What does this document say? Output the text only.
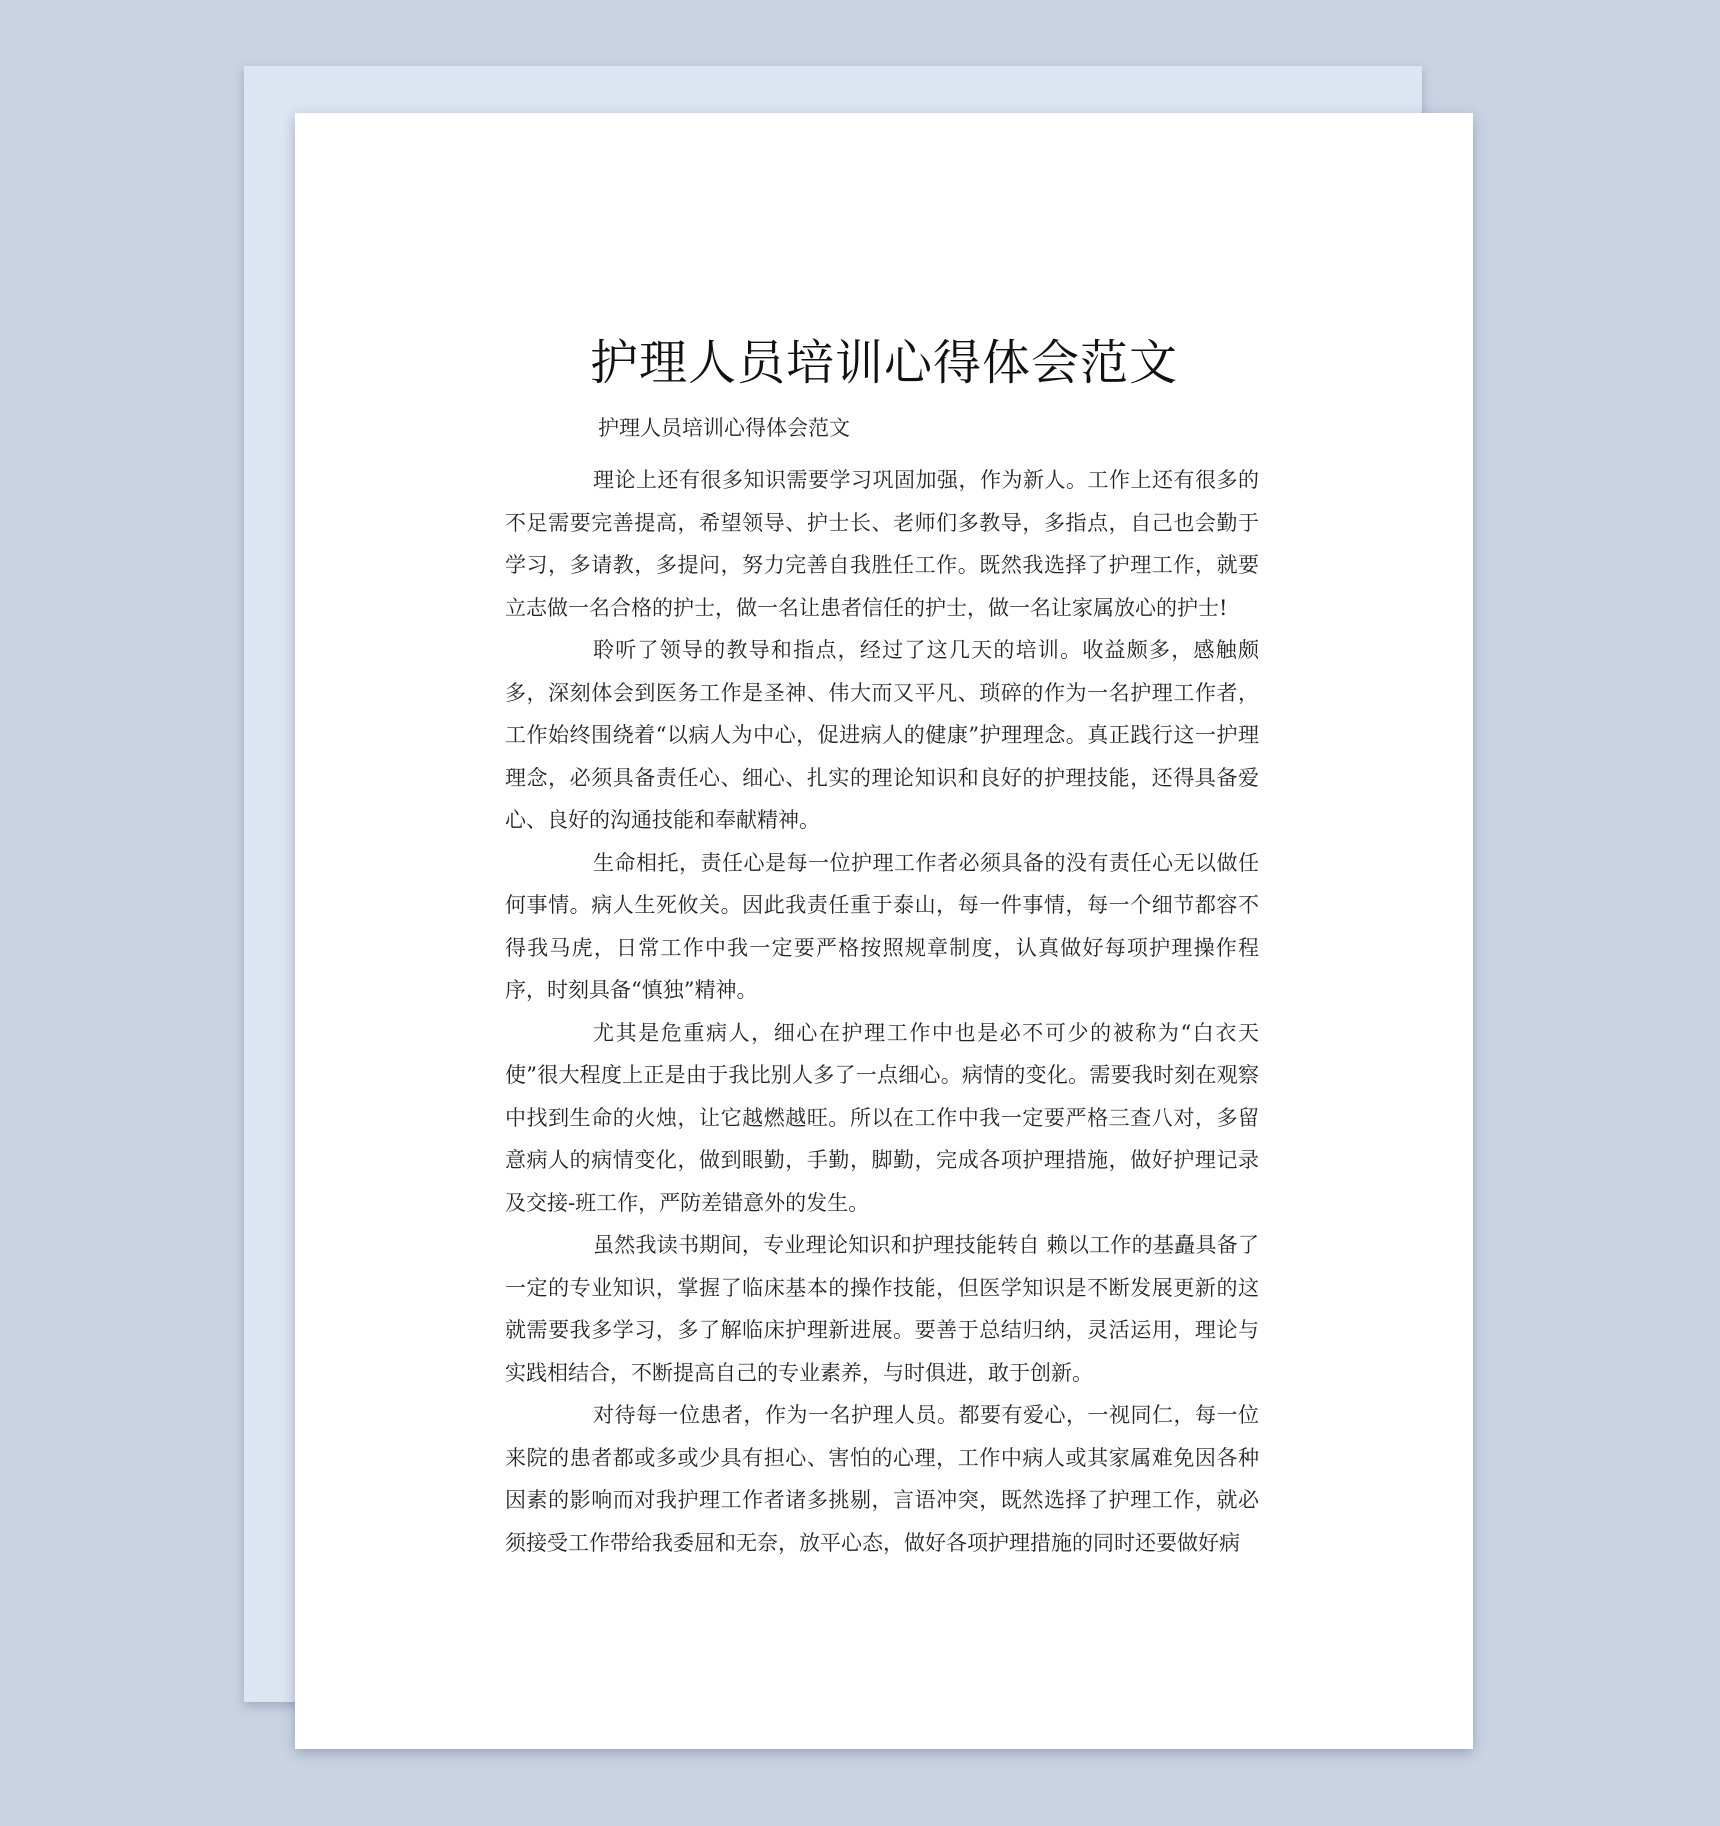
护理人员培训心得体会范文

护理人员培训心得体会范文

理论上还有很多知识需要学习巩固加强，作为新人。工作上还有很多的不足需要完善提高，希望领导、护士长、老师们多教导，多指点，自己也会勤于学习，多请教，多提问，努力完善自我胜任工作。既然我选择了护理工作，就要立志做一名合格的护士，做一名让患者信任的护士，做一名让家属放心的护士!

聆听了领导的教导和指点，经过了这几天的培训。收益颇多，感触颇多，深刻体会到医务工作是圣神、伟大而又平凡、琐碎的作为一名护理工作者，工作始终围绕着“以病人为中心，促进病人的健康”护理理念。真正践行这一护理理念，必须具备责任心、细心、扎实的理论知识和良好的护理技能，还得具备爱心、良好的沟通技能和奉献精神。

生命相托，责任心是每一位护理工作者必须具备的没有责任心无以做任何事情。病人生死攸关。因此我责任重于泰山，每一件事情，每一个细节都容不得我马虎，日常工作中我一定要严格按照规章制度，认真做好每项护理操作程序，时刻具备“慎独”精神。

尤其是危重病人，细心在护理工作中也是必不可少的被称为“白衣天使”很大程度上正是由于我比别人多了一点细心。病情的变化。需要我时刻在观察中找到生命的火烛，让它越燃越旺。所以在工作中我一定要严格三查八对，多留意病人的病情变化，做到眼勤，手勤，脚勤，完成各项护理措施，做好护理记录及交接-班工作，严防差错意外的发生。

虽然我读书期间，专业理论知识和护理技能转自 赖以工作的基矗具备了一定的专业知识，掌握了临床基本的操作技能，但医学知识是不断发展更新的这就需要我多学习，多了解临床护理新进展。要善于总结归纳，灵活运用，理论与实践相结合，不断提高自己的专业素养，与时俱进，敢于创新。

对待每一位患者，作为一名护理人员。都要有爱心，一视同仁，每一位来院的患者都或多或少具有担心、害怕的心理，工作中病人或其家属难免因各种因素的影响而对我护理工作者诸多挑剔，言语冲突，既然选择了护理工作，就必须接受工作带给我委屈和无奈，放平心态，做好各项护理措施的同时还要做好病
